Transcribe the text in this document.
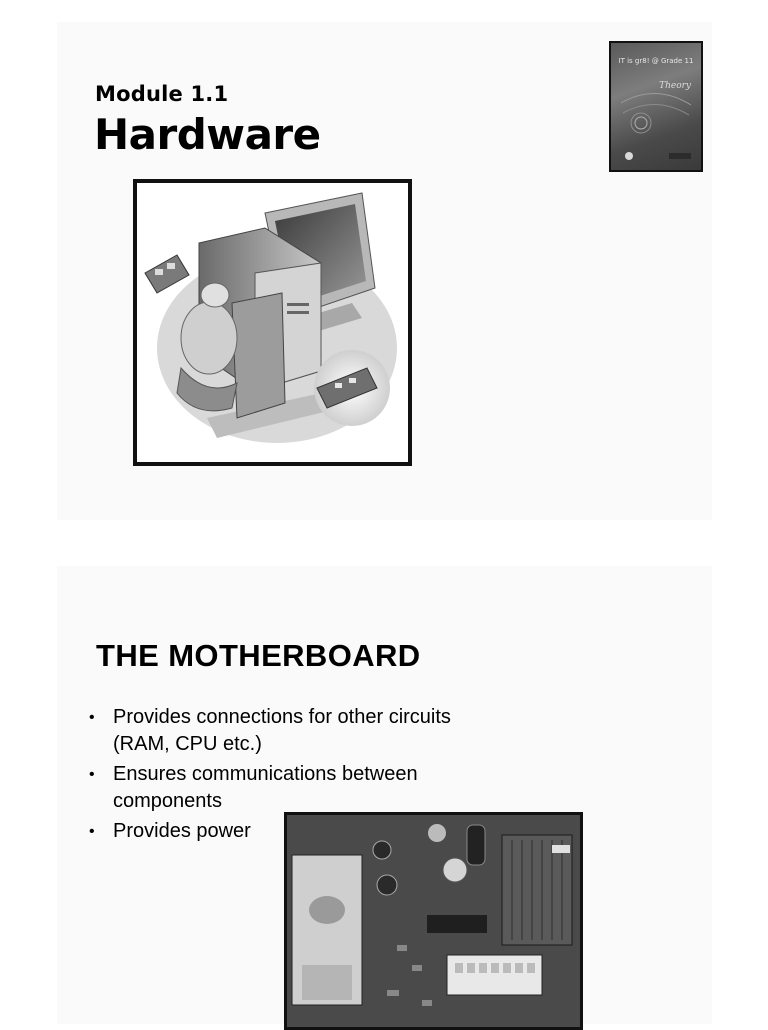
Module 1.1
Hardware
IT is gr8! @ Grade 11
Theory
THE MOTHERBOARD
• Provides connections for other circuits
(RAM, CPU etc.)
• Ensures communications between
components
• Provides power
